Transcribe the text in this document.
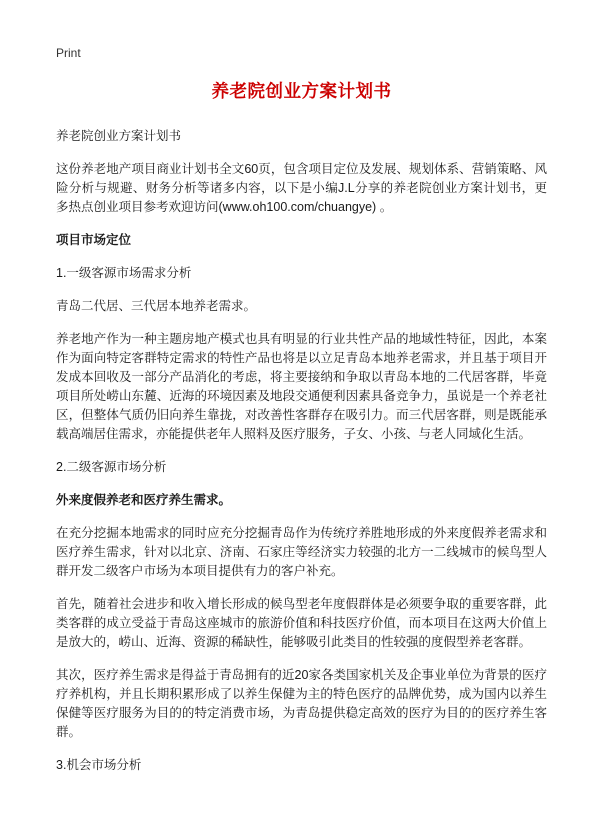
Print
养老院创业方案计划书

养老院创业方案计划书

这份养老地产项目商业计划书全文60页，包含项目定位及发展、规划体系、营销策略、风险分析与规避、财务分析等诸多内容，以下是小编J.L分享的养老院创业方案计划书，更多热点创业项目参考欢迎访问(www.oh100.com/chuangye) 。

项目市场定位

1.一级客源市场需求分析

青岛二代居、三代居本地养老需求。

养老地产作为一种主题房地产模式也具有明显的行业共性产品的地域性特征，因此，本案作为面向特定客群特定需求的特性产品也将是以立足青岛本地养老需求，并且基于项目开发成本回收及一部分产品消化的考虑，将主要接纳和争取以青岛本地的二代居客群，毕竟项目所处崂山东麓、近海的环境因素及地段交通便利因素具备竞争力，虽说是一个养老社区，但整体气质仍旧向养生靠拢，对改善性客群存在吸引力。而三代居客群，则是既能承载高端居住需求，亦能提供老年人照料及医疗服务，子女、小孩、与老人同域化生活。

2.二级客源市场分析

外来度假养老和医疗养生需求。

在充分挖掘本地需求的同时应充分挖掘青岛作为传统疗养胜地形成的外来度假养老需求和医疗养生需求，针对以北京、济南、石家庄等经济实力较强的北方一二线城市的候鸟型人群开发二级客户市场为本项目提供有力的客户补充。

首先，随着社会进步和收入增长形成的候鸟型老年度假群体是必须要争取的重要客群，此类客群的成立受益于青岛这座城市的旅游价值和科技医疗价值，而本项目在这两大价值上是放大的，崂山、近海、资源的稀缺性，能够吸引此类目的性较强的度假型养老客群。

其次，医疗养生需求是得益于青岛拥有的近20家各类国家机关及企事业单位为背景的医疗疗养机构，并且长期积累形成了以养生保健为主的特色医疗的品牌优势，成为国内以养生保健等医疗服务为目的的特定消费市场，为青岛提供稳定高效的医疗为目的的医疗养生客群。

3.机会市场分析
